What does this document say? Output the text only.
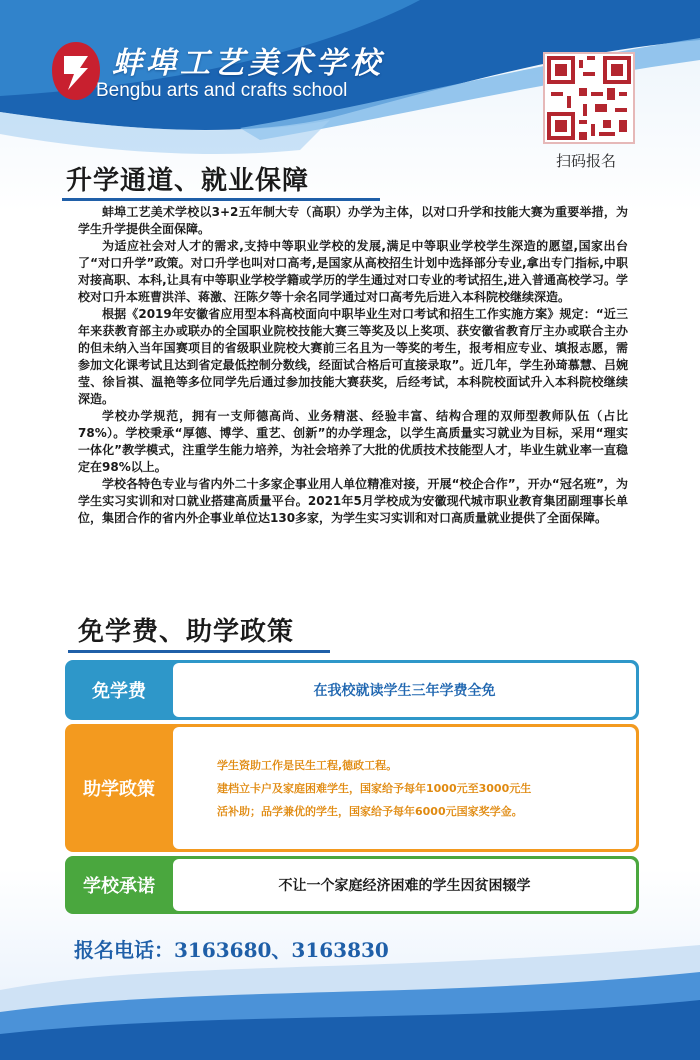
蚌埠工艺美术学校
Bengbu arts and crafts school
扫码报名
升学通道、就业保障

蚌埠工艺美术学校以3+2五年制大专（高职）办学为主体，以对口升学和技能大赛为重要举措，为学生升学提供全面保障。

为适应社会对人才的需求,支持中等职业学校的发展,满足中等职业学校学生深造的愿望,国家出台了“对口升学”政策。对口升学也叫对口高考,是国家从高校招生计划中选择部分专业,拿出专门指标,中职对接高职、本科,让具有中等职业学校学籍或学历的学生通过对口专业的考试招生,进入普通高校学习。学校对口升本班曹洪洋、蒋激、汪陈夕等十余名同学通过对口高考先后进入本科院校继续深造。

根据《2019年安徽省应用型本科高校面向中职毕业生对口考试和招生工作实施方案》规定：“近三年来获教育部主办或联办的全国职业院校技能大赛三等奖及以上奖项、获安徽省教育厅主办或联合主办的但未纳入当年国赛项目的省级职业院校大赛前三名且为一等奖的考生，报考相应专业、填报志愿，需参加文化课考试且达到省定最低控制分数线，经面试合格后可直接录取”。近几年，学生孙琦慕慧、吕婉莹、徐旨祺、温艳等多位同学先后通过参加技能大赛获奖，后经考试，本科院校面试升入本科院校继续深造。

学校办学规范，拥有一支师德高尚、业务精湛、经验丰富、结构合理的双师型教师队伍（占比78%）。学校秉承“厚德、博学、重艺、创新”的办学理念，以学生高质量实习就业为目标，采用“理实一体化”教学模式，注重学生能力培养，为社会培养了大批的优质技术技能型人才，毕业生就业率一直稳定在98%以上。

学校各特色专业与省内外二十多家企事业用人单位精准对接，开展“校企合作”，开办“冠名班”，为学生实习实训和对口就业搭建高质量平台。2021年5月学校成为安徽现代城市职业教育集团副理事长单位，集团合作的省内外企事业单位达130多家，为学生实习实训和对口高质量就业提供了全面保障。

免学费、助学政策
免学费	在我校就读学生三年学费全免
助学政策
学生资助工作是民生工程,德政工程。
建档立卡户及家庭困难学生，国家给予每年1000元至3000元生
活补助；品学兼优的学生，国家给予每年6000元国家奖学金。
学校承诺	不让一个家庭经济困难的学生因贫困辍学
报名电话：3163680、3163830
